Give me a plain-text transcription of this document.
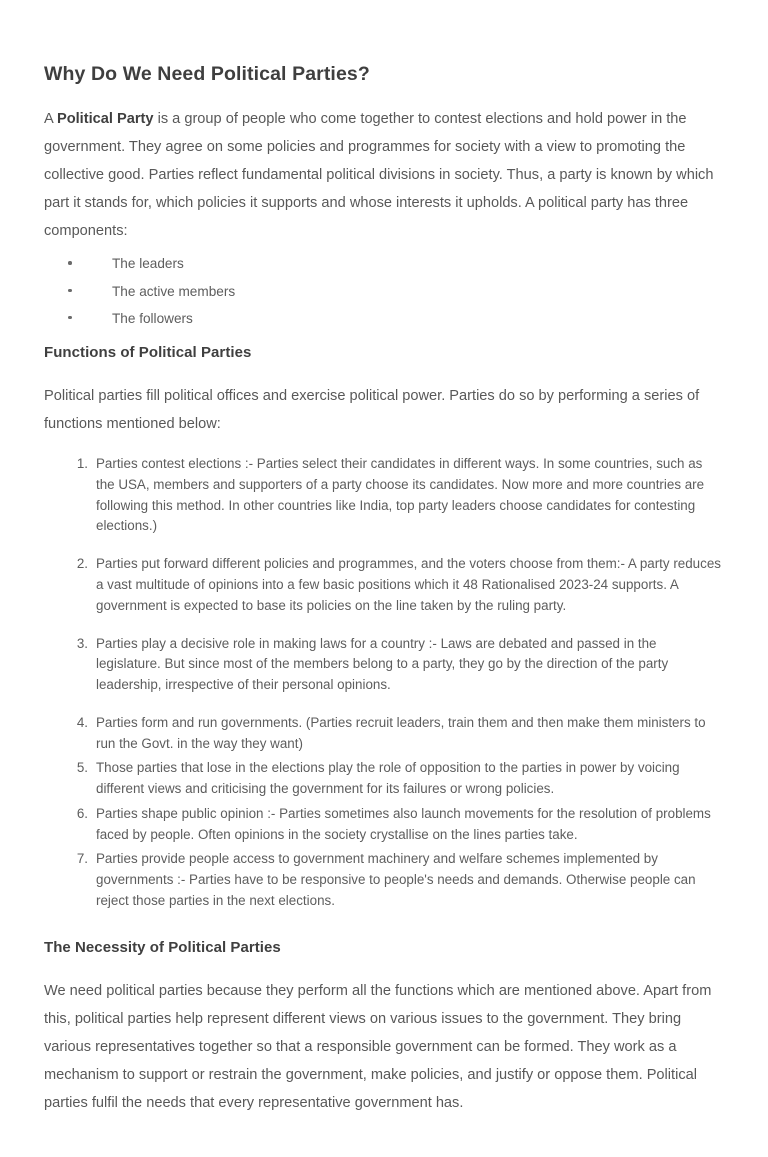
Why Do We Need Political Parties?

A Political Party is a group of people who come together to contest elections and hold power in the government. They agree on some policies and programmes for society with a view to promoting the collective good. Parties reflect fundamental political divisions in society. Thus, a party is known by which part it stands for, which policies it supports and whose interests it upholds. A political party has three components:

The leaders
The active members
The followers
Functions of Political Parties

Political parties fill political offices and exercise political power. Parties do so by performing a series of functions mentioned below:

Parties contest elections :- Parties select their candidates in different ways. In some countries, such as the USA, members and supporters of a party choose its candidates. Now more and more countries are following this method. In other countries like India, top party leaders choose candidates for contesting elections.)
Parties put forward different policies and programmes, and the voters choose from them:- A party reduces a vast multitude of opinions into a few basic positions which it 48 Rationalised 2023-24 supports. A government is expected to base its policies on the line taken by the ruling party.
Parties play a decisive role in making laws for a country :- Laws are debated and passed in the legislature. But since most of the members belong to a party, they go by the direction of the party leadership, irrespective of their personal opinions.
Parties form and run governments. (Parties recruit leaders, train them and then make them ministers to run the Govt. in the way they want)
Those parties that lose in the elections play the role of opposition to the parties in power by voicing different views and criticising the government for its failures or wrong policies.
Parties shape public opinion :- Parties sometimes also launch movements for the resolution of problems faced by people. Often opinions in the society crystallise on the lines parties take.
Parties provide people access to government machinery and welfare schemes implemented by governments :- Parties have to be responsive to people's needs and demands. Otherwise people can reject those parties in the next elections.
The Necessity of Political Parties

We need political parties because they perform all the functions which are mentioned above. Apart from this, political parties help represent different views on various issues to the government. They bring various representatives together so that a responsible government can be formed. They work as a mechanism to support or restrain the government, make policies, and justify or oppose them. Political parties fulfil the needs that every representative government has.
